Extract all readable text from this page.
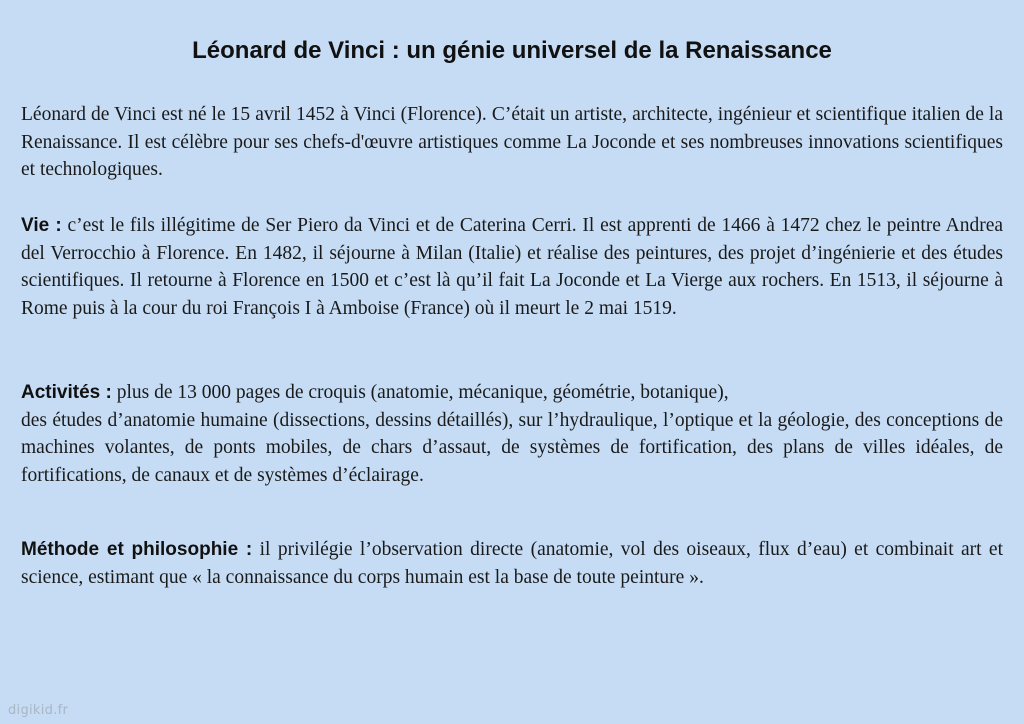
Léonard de Vinci : un génie universel de la Renaissance

Léonard de Vinci est né le 15 avril 1452 à Vinci (Florence). C’était un artiste, architecte, ingénieur et scientifique italien de la Renaissance. Il est célèbre pour ses chefs-d'œuvre artistiques comme La Joconde et ses nombreuses innovations scientifiques et technologiques.

Vie : c’est le fils illégitime de Ser Piero da Vinci et de Caterina Cerri. Il est apprenti de 1466 à 1472 chez le peintre Andrea del Verrocchio à Florence. En 1482, il séjourne à Milan (Italie) et réalise des peintures, des projet d’ingénierie et des études scientifiques. Il retourne à Florence en 1500 et c’est là qu’il fait La Joconde et La Vierge aux rochers. En 1513, il séjourne à Rome puis à la cour du roi François I à Amboise (France) où il meurt le 2 mai 1519.

Activités : plus de 13 000 pages de croquis (anatomie, mécanique, géométrie, botanique),
des études d’anatomie humaine (dissections, dessins détaillés), sur l’hydraulique, l’optique et la géologie, des conceptions de machines volantes, de ponts mobiles, de chars d’assaut, de systèmes de fortification, des plans de villes idéales, de fortifications, de canaux et de systèmes d’éclairage.

Méthode et philosophie : il privilégie l’observation directe (anatomie, vol des oiseaux, flux d’eau) et combinait art et science, estimant que « la connaissance du corps humain est la base de toute peinture ».

digikid.fr
